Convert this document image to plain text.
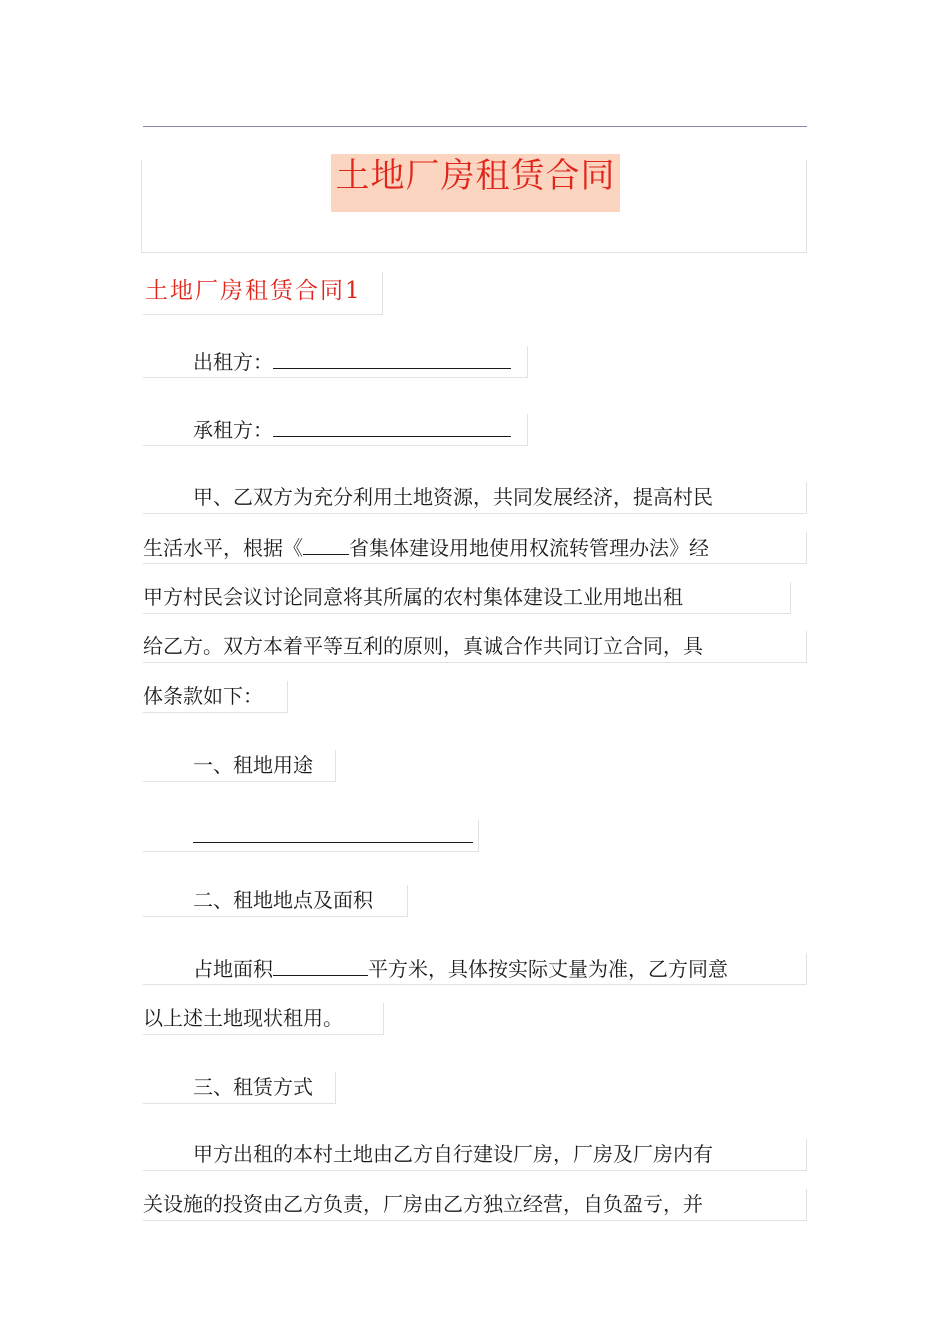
土地厂房租赁合同
土地厂房租赁合同1
出租方：
承租方：
甲、乙双方为充分利用土地资源，共同发展经济，提高村民
生活水平，根据《 省集体建设用地使用权流转管理办法》经
甲方村民会议讨论同意将其所属的农村集体建设工业用地出租
给乙方。双方本着平等互利的原则，真诚合作共同订立合同，具
体条款如下：
一、租地用途
二、租地地点及面积
占地面积	平方米，具体按实际丈量为准，乙方同意
以上述土地现状租用。
三、租赁方式
甲方出租的本村土地由乙方自行建设厂房，厂房及厂房内有
关设施的投资由乙方负责，厂房由乙方独立经营，自负盈亏，并
